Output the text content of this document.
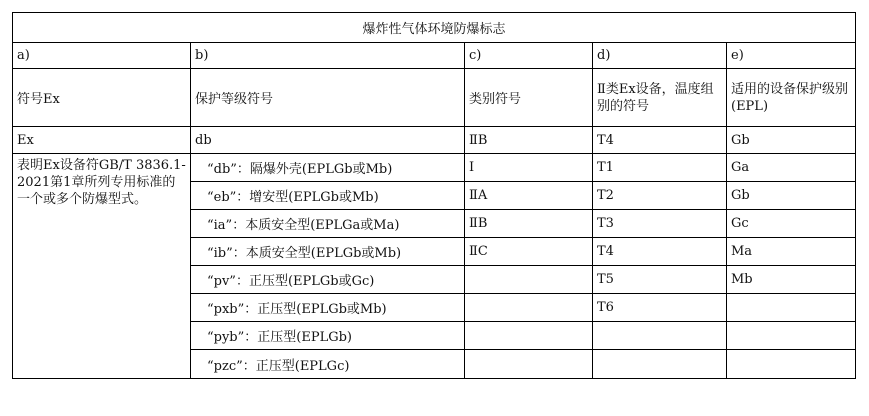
爆炸性气体环境防爆标志				
a)	b)	c)	d)	e)
符号Ex	保护等级符号	类别符号	Ⅱ类Ex设备，温度组别的符号	适用的设备保护级别(EPL)
Ex	db	ⅡB	T4	Gb
表明Ex设备符GB/T 3836.1-2021第1章所列专用标准的一个或多个防爆型式。	“db”：隔爆外壳(EPLGb或Mb)	Ⅰ	T1	Ga
	“eb”：增安型(EPLGb或Mb)	ⅡA	T2	Gb
	“ia”：本质安全型(EPLGa或Ma)	ⅡB	T3	Gc
	“ib”：本质安全型(EPLGb或Mb)	ⅡC	T4	Ma
	“pv”：正压型(EPLGb或Gc)		T5	Mb
	“pxb”：正压型(EPLGb或Mb)		T6	
	“pyb”：正压型(EPLGb)			
	“pzc”：正压型(EPLGc)			
